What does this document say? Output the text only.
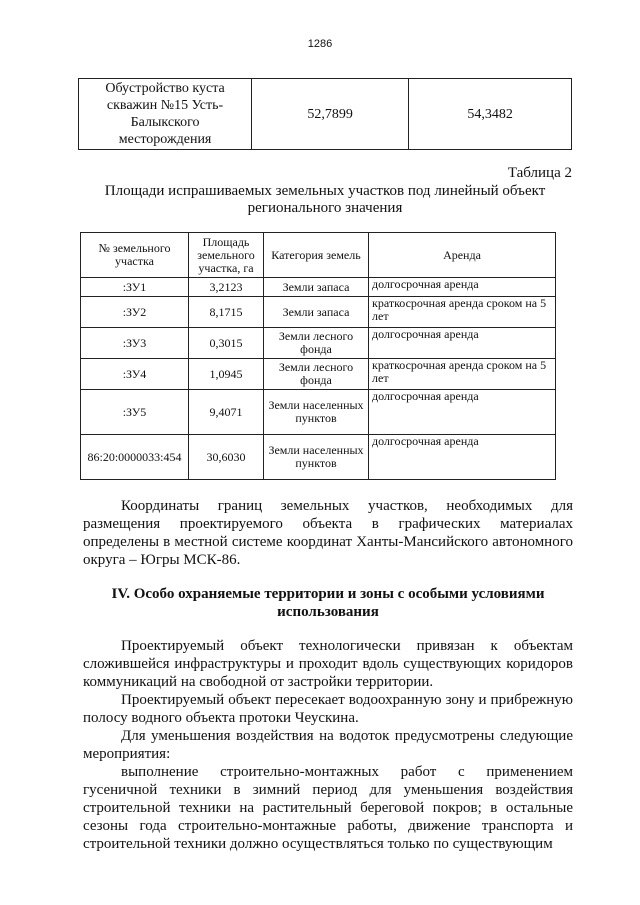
1286
Обустройство куста скважин №15 Усть-Балыкского месторождения	52,7899	54,3482
Таблица 2
Площади испрашиваемых земельных участков под линейный объект регионального значения
№ земельного участка	Площадь земельного участка, га	Категория земель	Аренда
:ЗУ1	3,2123	Земли запаса	долгосрочная аренда
:ЗУ2	8,1715	Земли запаса	краткосрочная аренда сроком на 5 лет
:ЗУ3	0,3015	Земли лесного фонда	долгосрочная аренда
:ЗУ4	1,0945	Земли лесного фонда	краткосрочная аренда сроком на 5 лет
:ЗУ5	9,4071	Земли населенных пунктов	долгосрочная аренда
86:20:0000033:454	30,6030	Земли населенных пунктов	долгосрочная аренда

Координаты границ земельных участков, необходимых для размещения проектируемого объекта в графических материалах определены в местной системе координат Ханты-Мансийского автономного округа – Югры МСК-86.

IV. Особо охраняемые территории и зоны с особыми условиями использования

Проектируемый объект технологически привязан к объектам сложившейся инфраструктуры и проходит вдоль существующих коридоров коммуникаций на свободной от застройки территории.

Проектируемый объект пересекает водоохранную зону и прибрежную полосу водного объекта протоки Чеускина.

Для уменьшения воздействия на водоток предусмотрены следующие мероприятия:

выполнение строительно-монтажных работ с применением гусеничной техники в зимний период для уменьшения воздействия строительной техники на растительный береговой покров; в остальные сезоны года строительно-монтажные работы, движение транспорта и строительной техники должно осуществляться только по существующим
